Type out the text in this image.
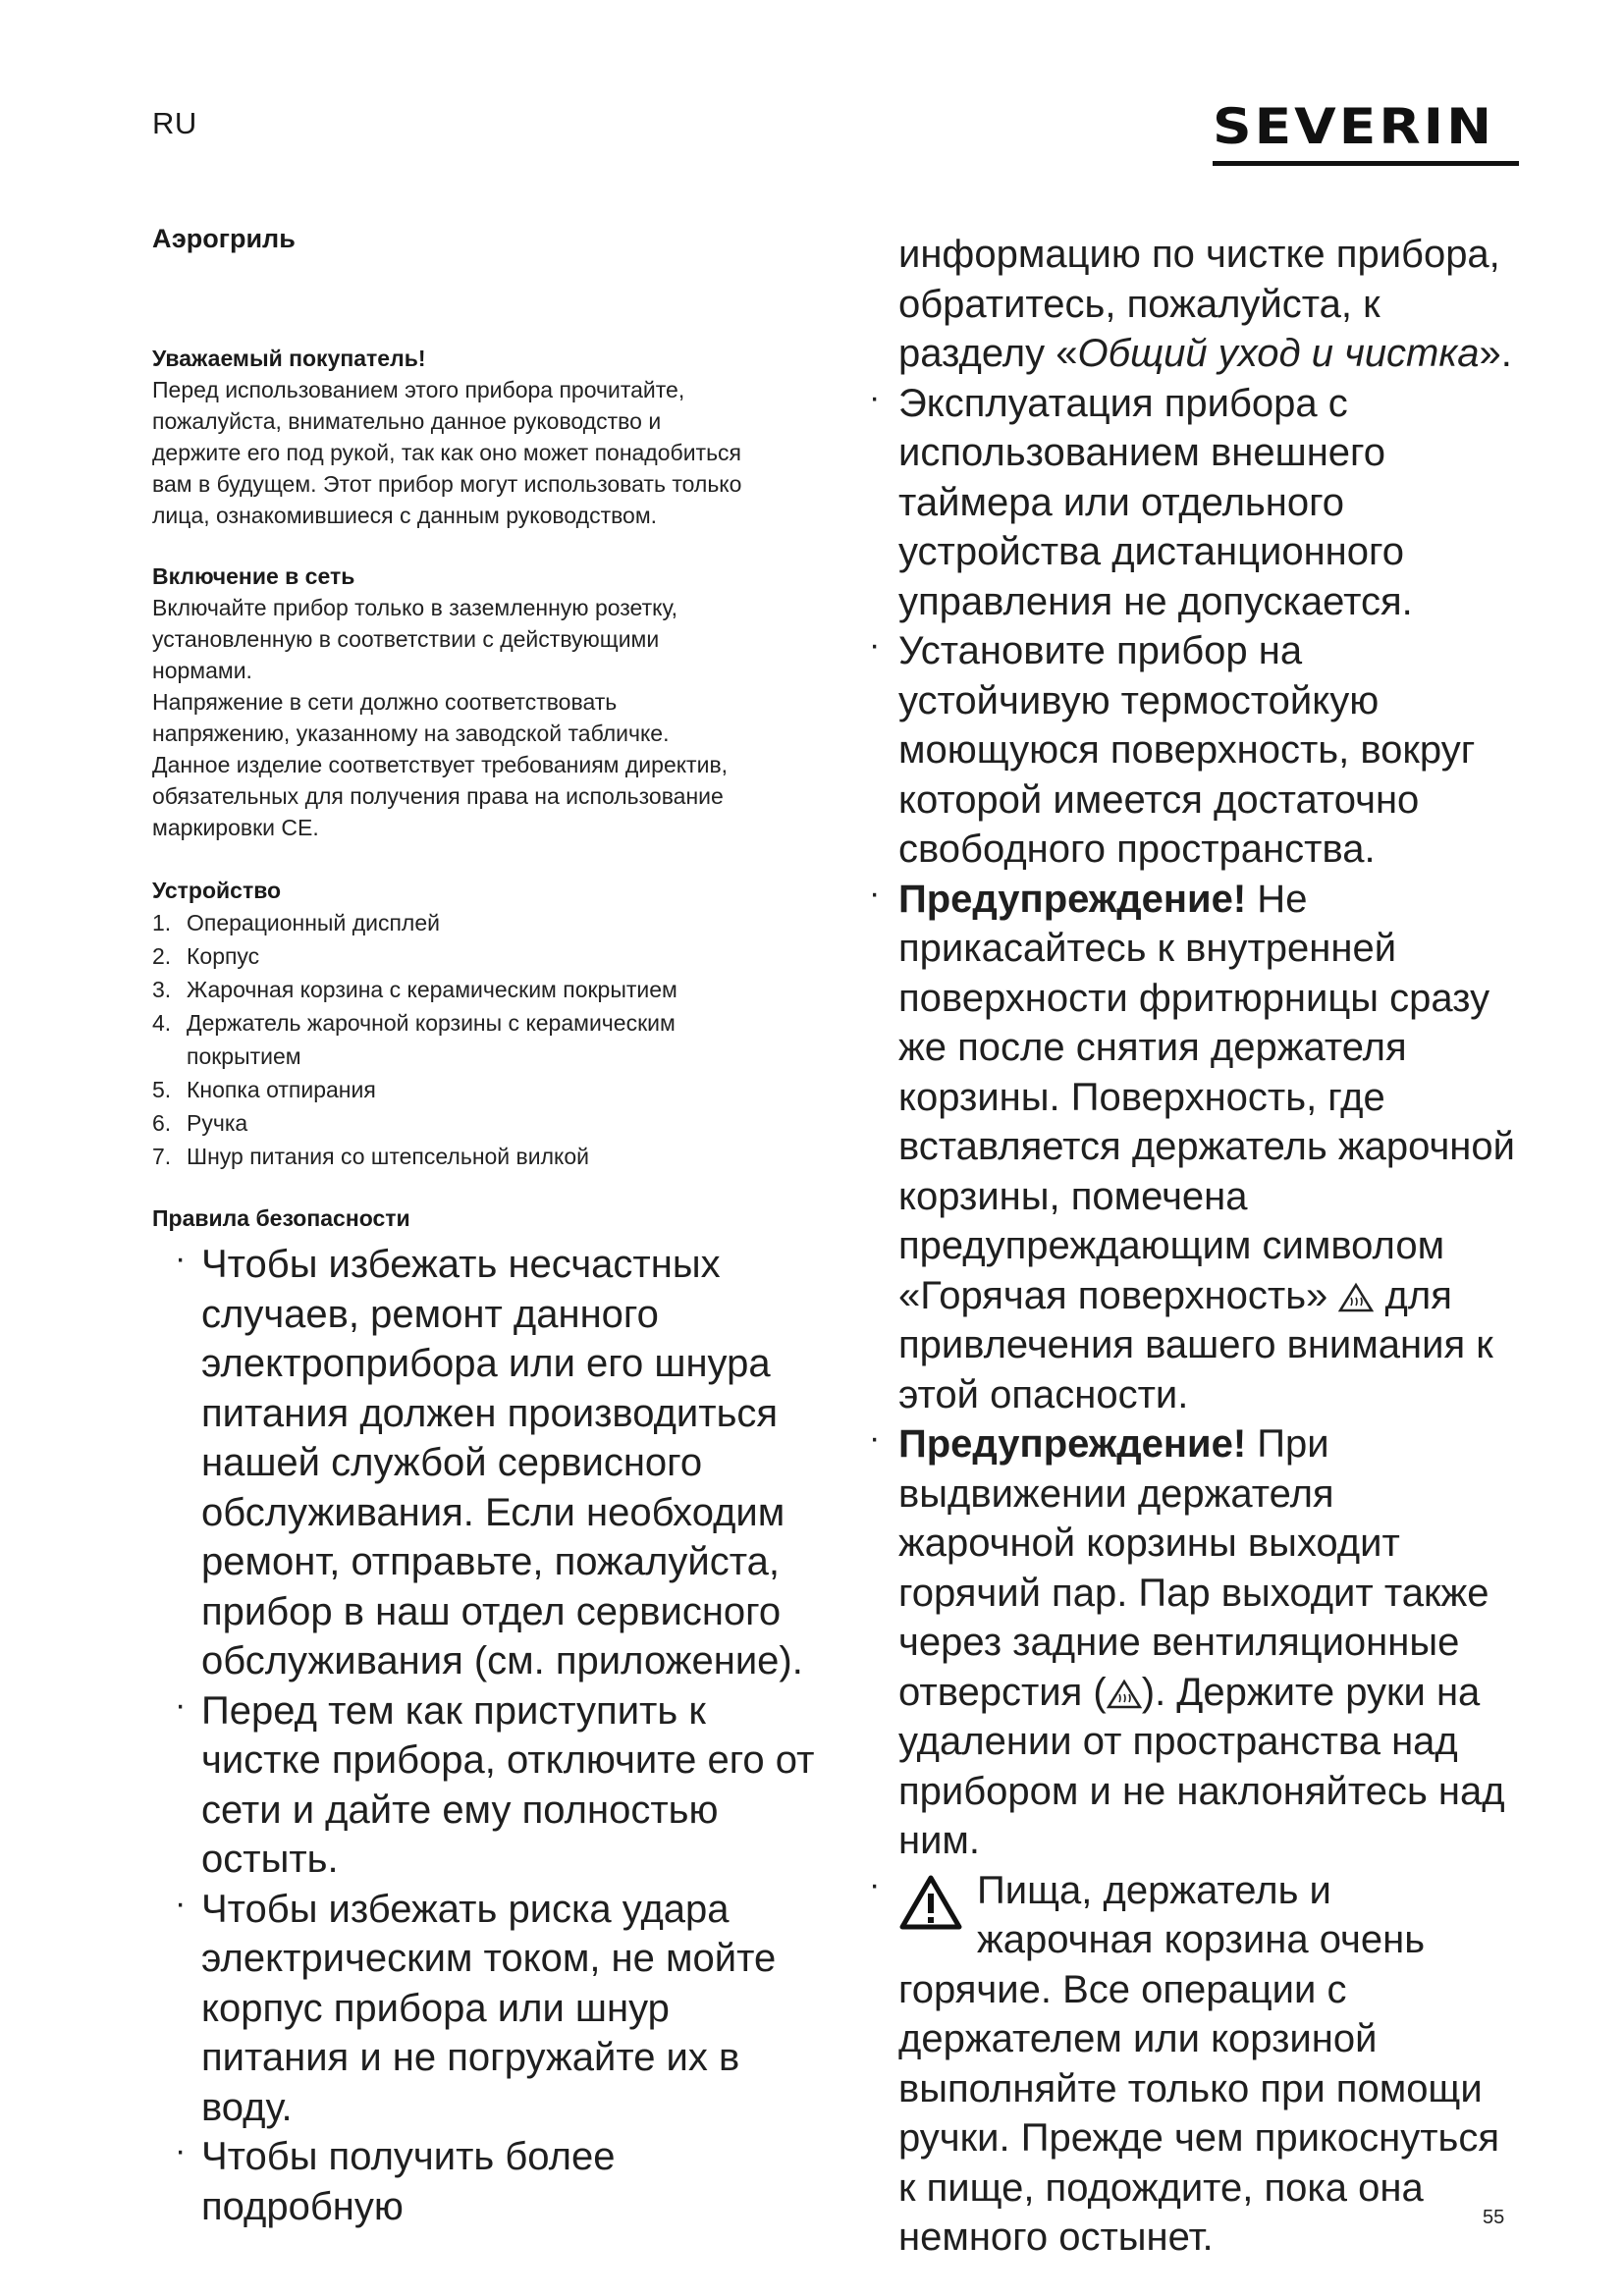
RU	SEVERIN
Аэрогриль
Уважаемый покупатель!

Перед использованием этого прибора прочитайте,

пожалуйста, внимательно данное руководство и

держите его под рукой, так как оно может понадобиться

вам в будущем. Этот прибор могут использовать только

лица, ознакомившиеся с данным руководством.

Включение в сеть

Включайте прибор только в заземленную розетку,

установленную в соответствии с действующими

нормами.

Напряжение в сети должно соответствовать

напряжению, указанному на заводской табличке.

Данное изделие соответствует требованиям директив,

обязательных для получения права на использование

маркировки CE.

Устройство
1. Операционный дисплей
2. Корпус
3. Жарочная корзина с керамическим покрытием
4. Держатель жарочной корзины с керамическим покрытием
5. Кнопка отпирания
6. Ручка
7. Шнур питания со штепсельной вилкой
Правила безопасности
· Чтобы избежать несчастных случаев, ремонт данного электроприбора или его шнура питания должен производиться нашей службой сервисного обслуживания. Если необходим ремонт, отправьте, пожалуйста, прибор в наш отдел сервисного обслуживания (см. приложение).
· Перед тем как приступить к чистке прибора, отключите его от сети и дайте ему полностью остыть.
· Чтобы избежать риска удара электрическим током, не мойте корпус прибора или шнур питания и не погружайте их в воду.
· Чтобы получить более подробную

информацию по чистке прибора, обратитесь, пожалуйста, к разделу «Общий уход и чистка».

· Эксплуатация прибора с использованием внешнего таймера или отдельного устройства дистанционного управления не допускается.
· Установите прибор на устойчивую термостойкую моющуюся поверхность, вокруг которой имеется достаточно свободного пространства.
· Предупреждение! Не прикасайтесь к внутренней поверхности фритюрницы сразу же после снятия держателя корзины. Поверхность, где вставляется держатель жарочной корзины, помечена предупреждающим символом «Горячая поверхность»  для привлечения вашего внимания к этой опасности.
· Предупреждение! При выдвижении держателя жарочной корзины выходит горячий пар. Пар выходит также через задние вентиляционные отверстия ( ). Держите руки на удалении от пространства над прибором и не наклоняйтесь над ним.
· Пища, держатель и жарочная корзина очень горячие. Все операции с держателем или корзиной выполняйте только при помощи ручки. Прежде чем прикоснуться к пище, подождите, пока она немного остынет.	55
